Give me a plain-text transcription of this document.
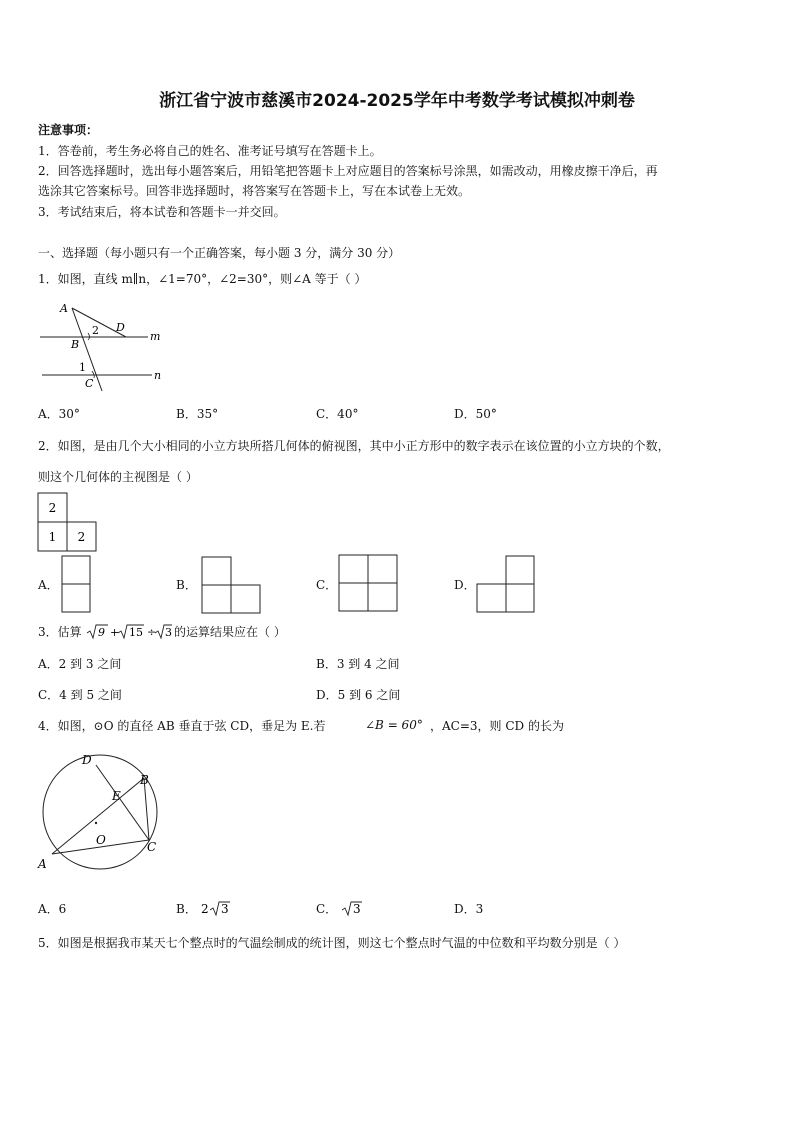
浙江省宁波市慈溪市2024-2025学年中考数学考试模拟冲刺卷
注意事项：
1．答卷前，考生务必将自己的姓名、准考证号填写在答题卡上。
2．回答选择题时，选出每小题答案后，用铅笔把答题卡上对应题目的答案标号涂黑，如需改动，用橡皮擦干净后，再
选涂其它答案标号。回答非选择题时，将答案写在答题卡上，写在本试卷上无效。
3．考试结束后，将本试卷和答题卡一并交回。
一、选择题（每小题只有一个正确答案，每小题 3 分，满分 30 分）
1．如图，直线 m∥n，∠1=70°，∠2=30°，则∠A 等于（ ）
A
D
B
C
m
n
1
2
A．30°	B．35°	C．40°	D．50°
2．如图，是由几个大小相同的小立方块所搭几何体的俯视图，其中小正方形中的数字表示在该位置的小立方块的个数，
则这个几何体的主视图是（ ）
2
1 2
A．	B．	C．	D．
3．估算 9 + 15 ÷ 3 的运算结果应在（ ）
A．2 到 3 之间	B．3 到 4 之间
C．4 到 5 之间	D．5 到 6 之间
4．如图，⊙O 的直径 AB 垂直于弦 CD，垂足为 E.若	∠B = 60° ，AC=3，则 CD 的长为
D
B
E
O	C
A
A．6	B． 2 3	C． 3	D．3
5．如图是根据我市某天七个整点时的气温绘制成的统计图，则这七个整点时气温的中位数和平均数分别是（ ）
